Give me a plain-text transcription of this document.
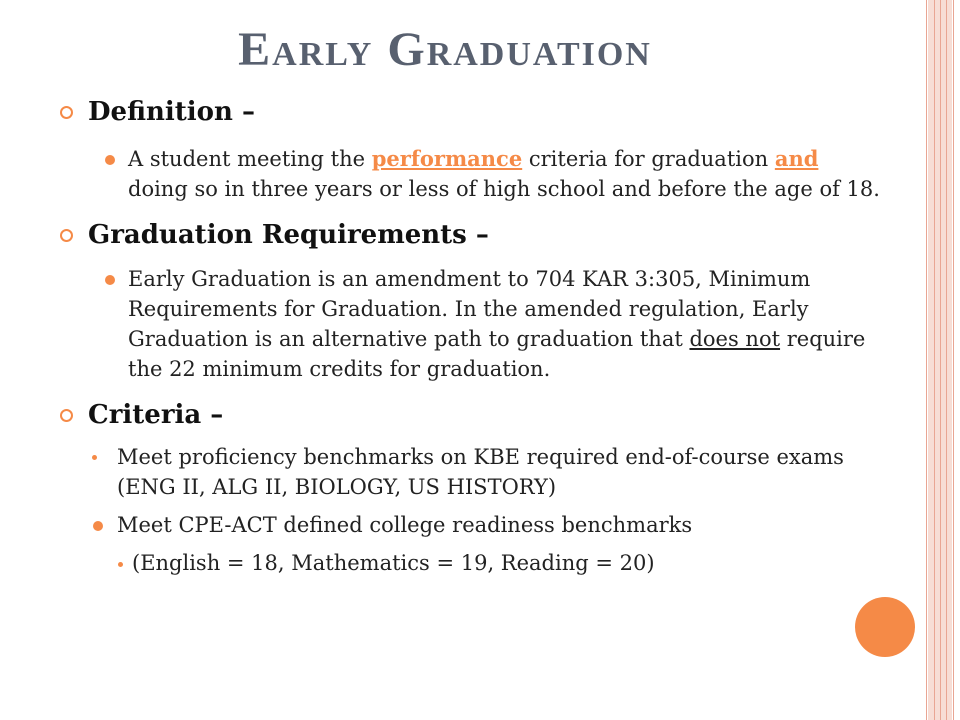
Early Graduation
Definition –
A student meeting the performance criteria for graduation and doing so in three years or less of high school and before the age of 18.
Graduation Requirements –
Early Graduation is an amendment to 704 KAR 3:305, Minimum Requirements for Graduation. In the amended regulation, Early Graduation is an alternative path to graduation that does not require the 22 minimum credits for graduation.
Criteria –
Meet proficiency benchmarks on KBE required end-of-course exams (ENG II, ALG II, BIOLOGY, US HISTORY)
Meet CPE-ACT defined college readiness benchmarks
(English = 18, Mathematics = 19, Reading = 20)
